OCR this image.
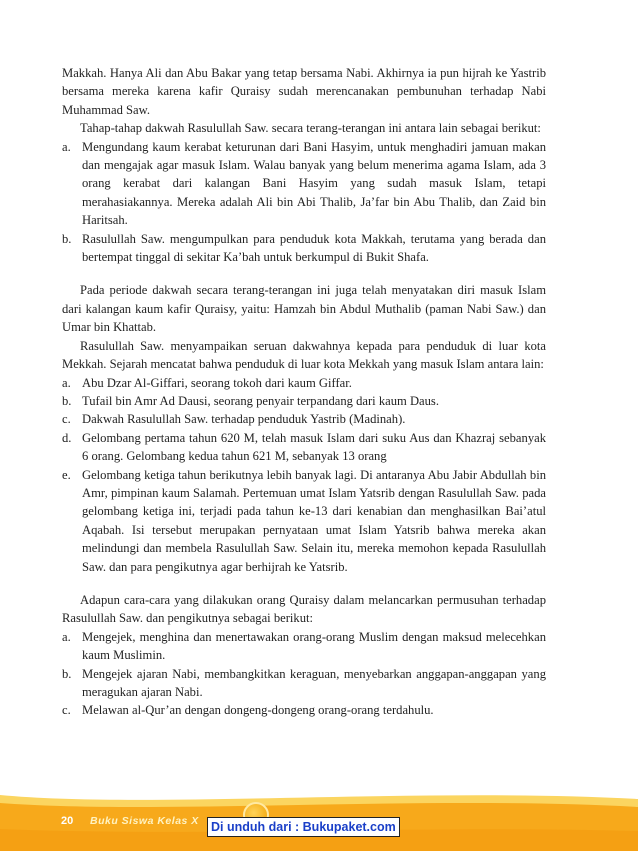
Makkah. Hanya Ali dan Abu Bakar yang tetap bersama Nabi. Akhirnya ia pun hijrah ke Yastrib bersama mereka karena kafir Quraisy sudah merencanakan pembunuhan terhadap Nabi Muhammad Saw.

Tahap-tahap dakwah Rasulullah Saw. secara terang-terangan ini antara lain sebagai berikut:

a. Mengundang kaum kerabat keturunan dari Bani Hasyim, untuk menghadiri jamuan makan dan mengajak agar masuk Islam. Walau banyak yang belum menerima agama Islam, ada 3 orang kerabat dari kalangan Bani Hasyim yang sudah masuk Islam, tetapi merahasiakannya. Mereka adalah Ali bin Abi Thalib, Ja’far bin Abu Thalib, dan Zaid bin Haritsah.
b. Rasulullah Saw. mengumpulkan para penduduk kota Makkah, terutama yang berada dan bertempat tinggal di sekitar Ka’bah untuk berkumpul di Bukit Shafa.

Pada periode dakwah secara terang-terangan ini juga telah menyatakan diri masuk Islam dari kalangan kaum kafir Quraisy, yaitu: Hamzah bin Abdul Muthalib (paman Nabi Saw.) dan Umar bin Khattab.

Rasulullah Saw. menyampaikan seruan dakwahnya kepada para penduduk di luar kota Mekkah. Sejarah mencatat bahwa penduduk di luar kota Mekkah yang masuk Islam antara lain:

a. Abu Dzar Al-Giffari, seorang tokoh dari kaum Giffar.
b. Tufail bin Amr Ad Dausi, seorang penyair terpandang dari kaum Daus.
c. Dakwah Rasulullah Saw. terhadap penduduk Yastrib (Madinah).
d. Gelombang pertama tahun 620 M, telah masuk Islam dari suku Aus dan Khazraj sebanyak 6 orang. Gelombang kedua tahun 621 M, sebanyak 13 orang
e. Gelombang ketiga tahun berikutnya lebih banyak lagi. Di antaranya Abu Jabir Abdullah bin Amr, pimpinan kaum Salamah. Pertemuan umat Islam Yatsrib dengan Rasulullah Saw. pada gelombang ketiga ini, terjadi pada tahun ke-13 dari kenabian dan menghasilkan Bai’atul Aqabah. Isi tersebut merupakan pernyataan umat Islam Yatsrib bahwa mereka akan melindungi dan membela Rasulullah Saw. Selain itu, mereka memohon kepada Rasulullah Saw. dan para pengikutnya agar berhijrah ke Yatsrib.

Adapun cara-cara yang dilakukan orang Quraisy dalam melancarkan permusuhan terhadap Rasulullah Saw. dan pengikutnya sebagai berikut:

a. Mengejek, menghina dan menertawakan orang-orang Muslim dengan maksud melecehkan kaum Muslimin.
b. Mengejek ajaran Nabi, membangkitkan keraguan, menyebarkan anggapan-anggapan yang meragukan ajaran Nabi.
c. Melawan al-Qur’an dengan dongeng-dongeng orang-orang terdahulu.
20 Buku Siswa Kelas X Di unduh dari : Bukupaket.com
